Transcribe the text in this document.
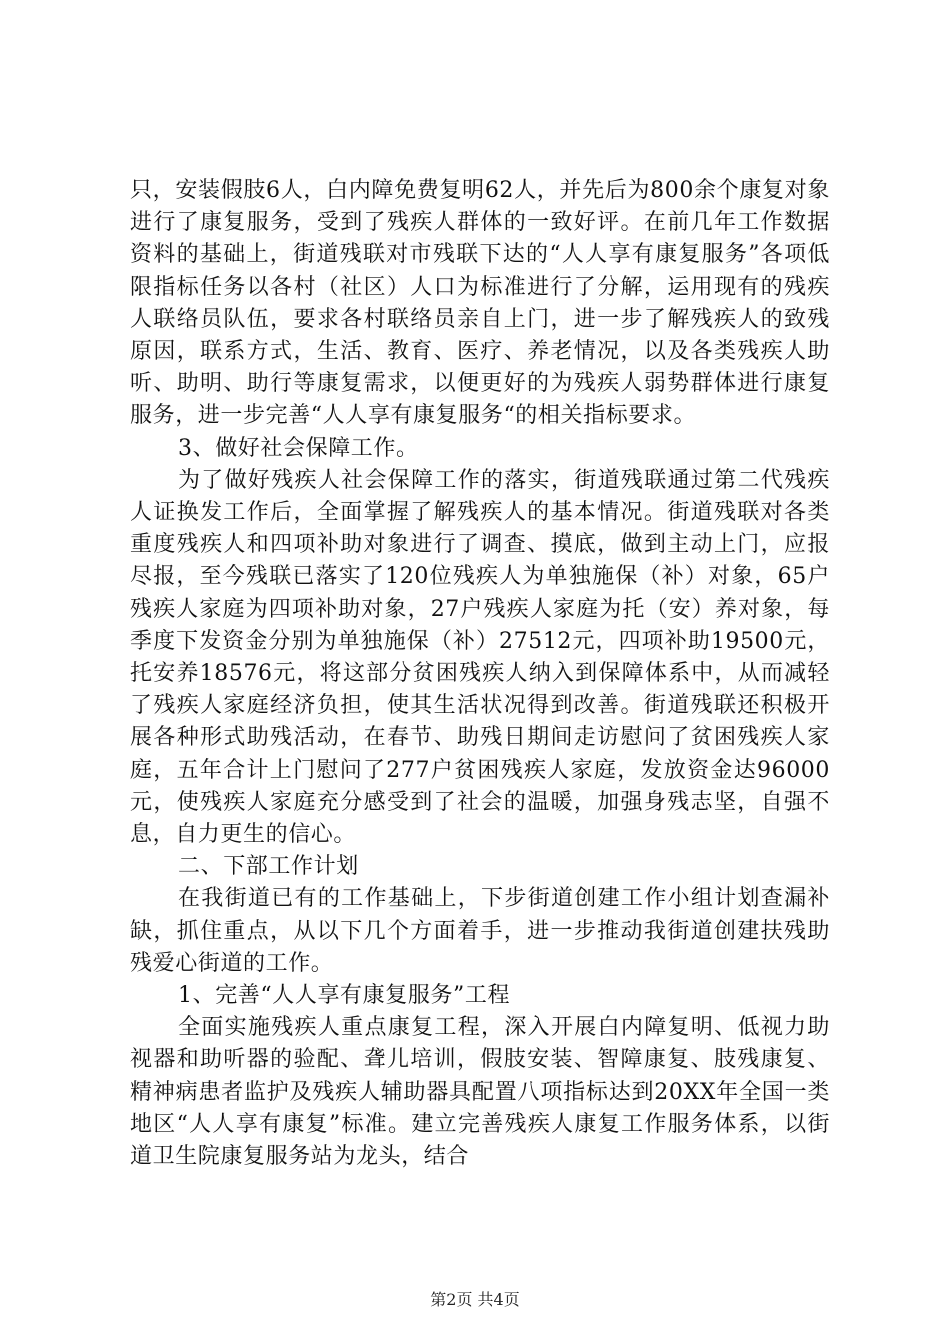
只，安装假肢6人，白内障免费复明62人，并先后为800余个康复对象进行了康复服务，受到了残疾人群体的一致好评。在前几年工作数据资料的基础上，街道残联对市残联下达的“人人享有康复服务”各项低限指标任务以各村（社区）人口为标准进行了分解，运用现有的残疾人联络员队伍，要求各村联络员亲自上门，进一步了解残疾人的致残原因，联系方式，生活、教育、医疗、养老情况，以及各类残疾人助听、助明、助行等康复需求，以便更好的为残疾人弱势群体进行康复服务，进一步完善“人人享有康复服务“的相关指标要求。

3、做好社会保障工作。

为了做好残疾人社会保障工作的落实，街道残联通过第二代残疾人证换发工作后，全面掌握了解残疾人的基本情况。街道残联对各类重度残疾人和四项补助对象进行了调查、摸底，做到主动上门，应报尽报，至今残联已落实了120位残疾人为单独施保（补）对象，65户残疾人家庭为四项补助对象，27户残疾人家庭为托（安）养对象，每季度下发资金分别为单独施保（补）27512元，四项补助19500元，托安养18576元，将这部分贫困残疾人纳入到保障体系中，从而减轻了残疾人家庭经济负担，使其生活状况得到改善。街道残联还积极开展各种形式助残活动，在春节、助残日期间走访慰问了贫困残疾人家庭，五年合计上门慰问了277户贫困残疾人家庭，发放资金达96000元，使残疾人家庭充分感受到了社会的温暖，加强身残志坚，自强不息，自力更生的信心。

二、下部工作计划

在我街道已有的工作基础上，下步街道创建工作小组计划查漏补缺，抓住重点，从以下几个方面着手，进一步推动我街道创建扶残助残爱心街道的工作。

1、完善“人人享有康复服务”工程

全面实施残疾人重点康复工程，深入开展白内障复明、低视力助视器和助听器的验配、聋儿培训，假肢安装、智障康复、肢残康复、精神病患者监护及残疾人辅助器具配置八项指标达到20XX年全国一类地区“人人享有康复”标准。建立完善残疾人康复工作服务体系，以街道卫生院康复服务站为龙头，结合

第2页 共4页
